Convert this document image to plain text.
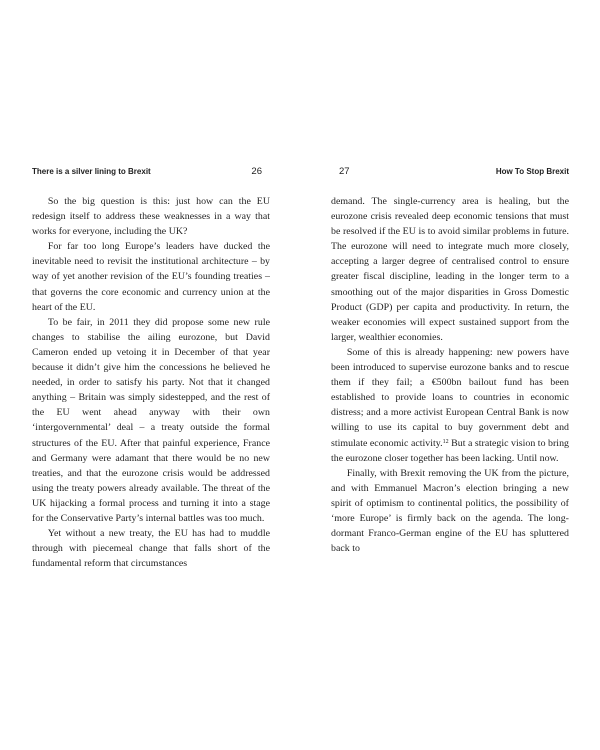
There is a silver lining to Brexit	26

So the big question is this: just how can the EU redesign itself to address these weaknesses in a way that works for everyone, including the UK?

For far too long Europe’s leaders have ducked the inevitable need to revisit the institutional architecture – by way of yet another revision of the EU’s founding treaties – that governs the core economic and currency union at the heart of the EU.

To be fair, in 2011 they did propose some new rule changes to stabilise the ailing eurozone, but David Cameron ended up vetoing it in December of that year because it didn’t give him the concessions he believed he needed, in order to satisfy his party. Not that it changed anything – Britain was simply sidestepped, and the rest of the EU went ahead anyway with their own ‘intergovernmental’ deal – a treaty outside the formal structures of the EU. After that painful experience, France and Germany were adamant that there would be no new treaties, and that the eurozone crisis would be addressed using the treaty powers already available. The threat of the UK hijacking a formal process and turning it into a stage for the Conservative Party’s internal battles was too much.

Yet without a new treaty, the EU has had to muddle through with piecemeal change that falls short of the fundamental reform that circumstances

27	How To Stop Brexit

demand. The single-currency area is healing, but the eurozone crisis revealed deep economic tensions that must be resolved if the EU is to avoid similar problems in future. The eurozone will need to integrate much more closely, accepting a larger degree of centralised control to ensure greater fiscal discipline, leading in the longer term to a smoothing out of the major disparities in Gross Domestic Product (GDP) per capita and productivity. In return, the weaker economies will expect sustained support from the larger, wealthier economies.

Some of this is already happening: new powers have been introduced to supervise eurozone banks and to rescue them if they fail; a €500bn bailout fund has been established to provide loans to countries in economic distress; and a more activist European Central Bank is now willing to use its capital to buy government debt and stimulate economic activity.$^{12}$ But a strategic vision to bring the eurozone closer together has been lacking. Until now.

Finally, with Brexit removing the UK from the picture, and with Emmanuel Macron’s election bringing a new spirit of optimism to continental politics, the possibility of ‘more Europe’ is firmly back on the agenda. The long-dormant Franco-German engine of the EU has spluttered back to
